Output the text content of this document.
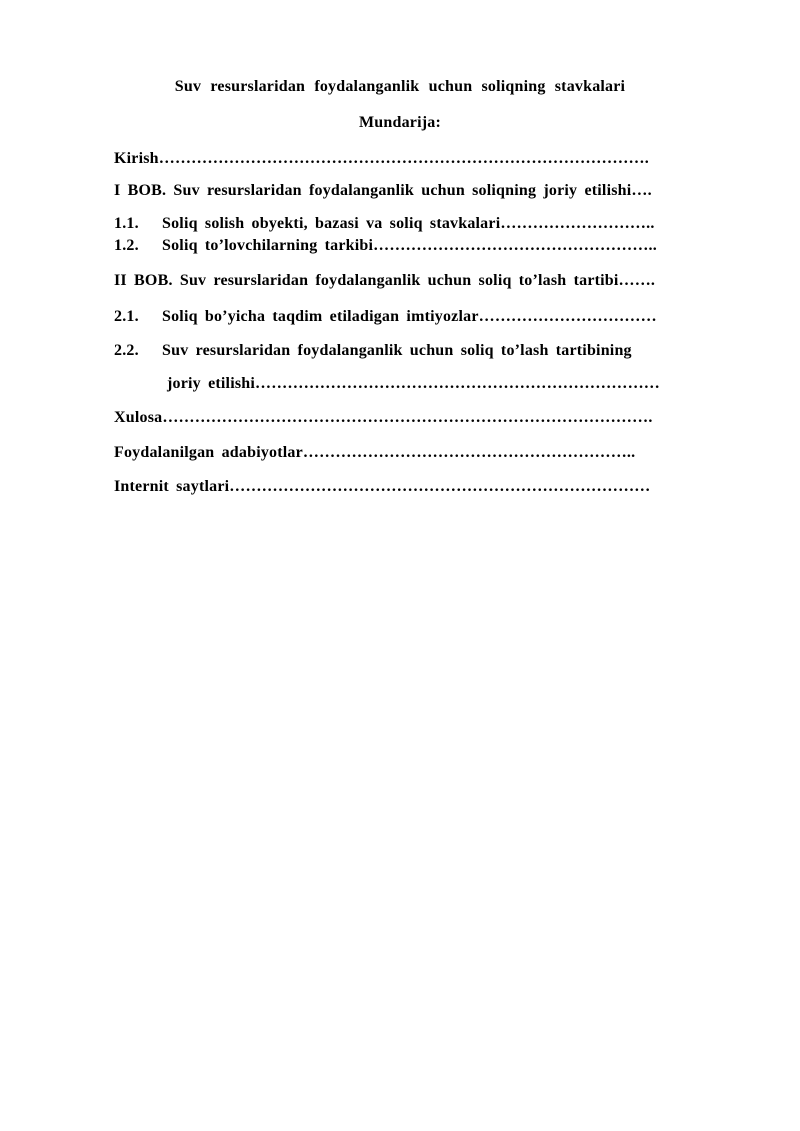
Suv resurslaridan foydalanganlik uchun soliqning stavkalari
Mundarija:
Kirish……………………………………………………………………………….
I BOB. Suv resurslaridan foydalanganlik uchun soliqning joriy etilishi….
1.1. Soliq solish obyekti, bazasi va soliq stavkalari………………………..
1.2. Soliq to’lovchilarning tarkibi……………………………………………..
II BOB. Suv resurslaridan foydalanganlik uchun soliq to’lash tartibi…….
2.1. Soliq bo’yicha taqdim etiladigan imtiyozlar……………………………
2.2. Suv resurslaridan foydalanganlik uchun soliq to’lash tartibining
joriy etilishi…………………………………………………………………
Xulosa……………………………………………………………………………….
Foydalanilgan adabiyotlar……………………………………………………..
Internit saytlari……………………………………………………………………
